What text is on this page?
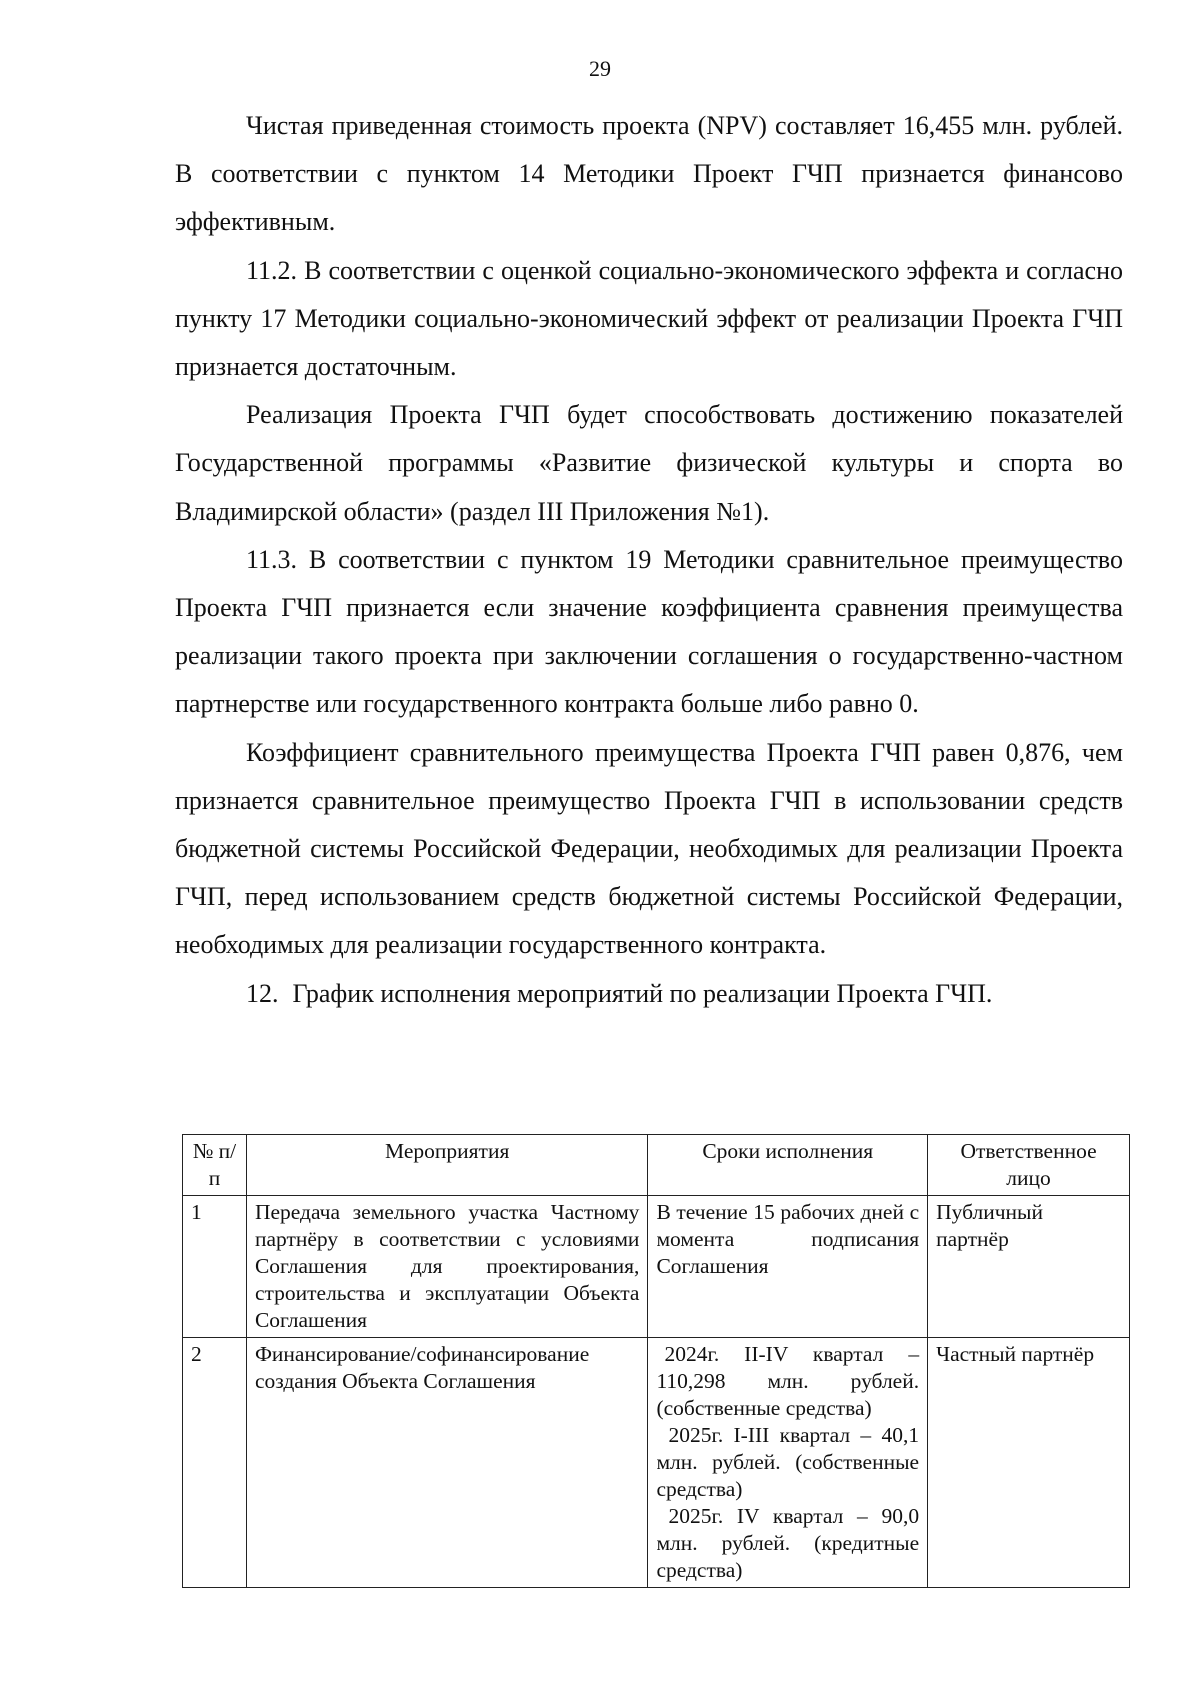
29

Чистая приведенная стоимость проекта (NPV) составляет 16,455 млн. рублей. В соответствии с пунктом 14 Методики Проект ГЧП признается финансово эффективным.

11.2. В соответствии с оценкой социально-экономического эффекта и согласно пункту 17 Методики социально-экономический эффект от реализации Проекта ГЧП признается достаточным.

Реализация Проекта ГЧП будет способствовать достижению показателей Государственной программы «Развитие физической культуры и спорта во Владимирской области» (раздел III Приложения №1).

11.3. В соответствии с пунктом 19 Методики сравнительное преимущество Проекта ГЧП признается если значение коэффициента сравнения преимущества реализации такого проекта при заключении соглашения о государственно-частном партнерстве или государственного контракта больше либо равно 0.

Коэффициент сравнительного преимущества Проекта ГЧП равен 0,876, чем признается сравнительное преимущество Проекта ГЧП в использовании средств бюджетной системы Российской Федерации, необходимых для реализации Проекта ГЧП, перед использованием средств бюджетной системы Российской Федерации, необходимых для реализации государственного контракта.

12. График исполнения мероприятий по реализации Проекта ГЧП.

№ п/п	Мероприятия	Сроки исполнения	Ответственное лицо
1	Передача земельного участка Частному партнёру в соответствии с условиями Соглашения для проектирования, строительства и эксплуатации Объекта Соглашения	В течение 15 рабочих дней с момента подписания Соглашения	Публичный партнёр
2	Финансирование/софинансирование создания Объекта Соглашения	2024г. II-IV квартал – 110,298 млн. рублей. (собственные средства)
2025г. I-III квартал – 40,1 млн. рублей. (собственные средства)
2025г. IV квартал – 90,0 млн. рублей. (кредитные средства)	Частный партнёр
